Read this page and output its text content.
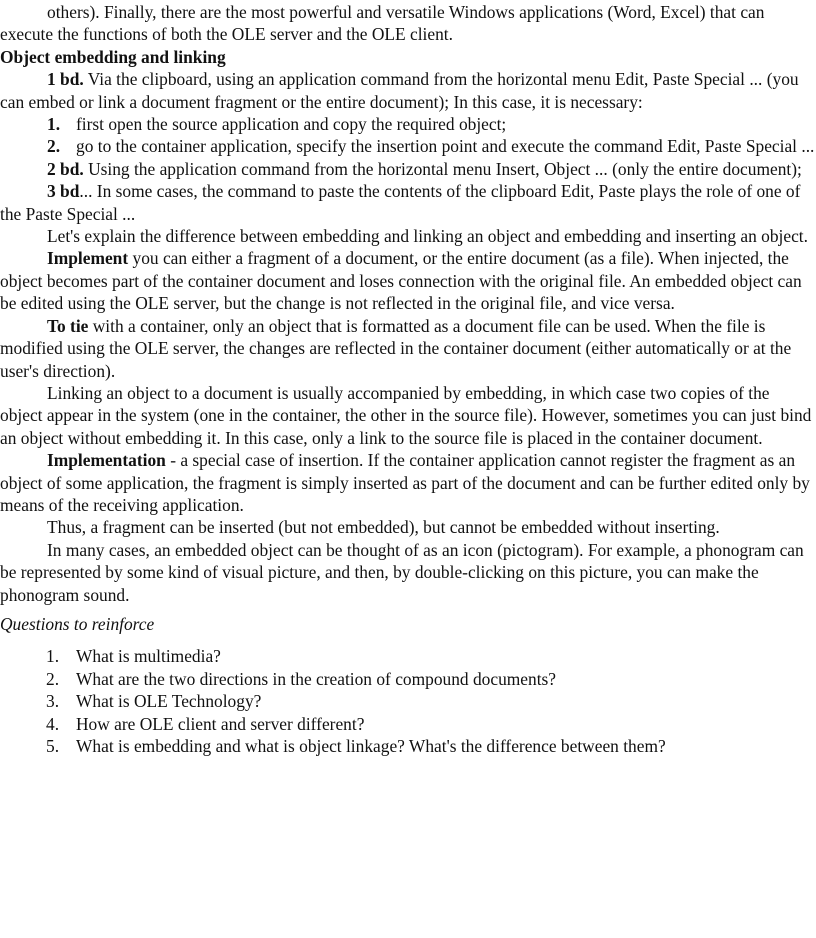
others). Finally, there are the most powerful and versatile Windows applications (Word, Excel) that can execute the functions of both the OLE server and the OLE client.

Object embedding and linking

1 bd. Via the clipboard, using an application command from the horizontal menu Edit, Paste Special ... (you can embed or link a document fragment or the entire document); In this case, it is necessary:

1. first open the source application and copy the required object;

2. go to the container application, specify the insertion point and execute the command Edit, Paste Special ...

2 bd. Using the application command from the horizontal menu Insert, Object ... (only the entire document);

3 bd... In some cases, the command to paste the contents of the clipboard Edit, Paste plays the role of one of the Paste Special ...

Let's explain the difference between embedding and linking an object and embedding and inserting an object.

Implement you can either a fragment of a document, or the entire document (as a file). When injected, the object becomes part of the container document and loses connection with the original file. An embedded object can be edited using the OLE server, but the change is not reflected in the original file, and vice versa.

To tie with a container, only an object that is formatted as a document file can be used. When the file is modified using the OLE server, the changes are reflected in the container document (either automatically or at the user's direction).

Linking an object to a document is usually accompanied by embedding, in which case two copies of the object appear in the system (one in the container, the other in the source file). However, sometimes you can just bind an object without embedding it. In this case, only a link to the source file is placed in the container document.

Implementation - a special case of insertion. If the container application cannot register the fragment as an object of some application, the fragment is simply inserted as part of the document and can be further edited only by means of the receiving application.

Thus, a fragment can be inserted (but not embedded), but cannot be embedded without inserting.

In many cases, an embedded object can be thought of as an icon (pictogram). For example, a phonogram can be represented by some kind of visual picture, and then, by double-clicking on this picture, you can make the phonogram sound.

Questions to reinforce

1. What is multimedia?

2. What are the two directions in the creation of compound documents?

3. What is OLE Technology?

4. How are OLE client and server different?

5. What is embedding and what is object linkage? What's the difference between them?
